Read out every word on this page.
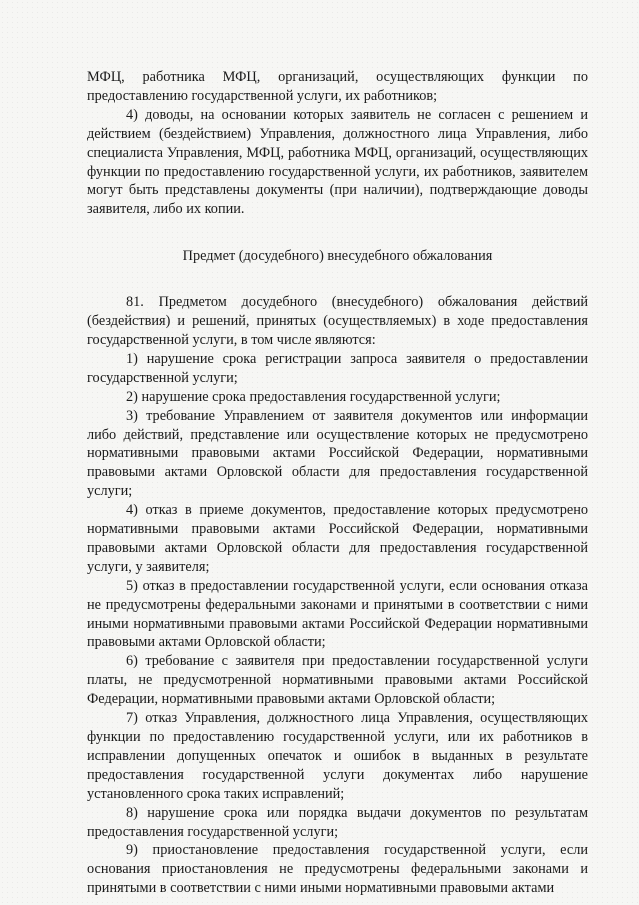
МФЦ, работника МФЦ, организаций, осуществляющих функции по предоставлению государственной услуги, их работников;

4) доводы, на основании которых заявитель не согласен с решением и действием (бездействием) Управления, должностного лица Управления, либо специалиста Управления, МФЦ, работника МФЦ, организаций, осуществляющих функции по предоставлению государственной услуги, их работников, заявителем могут быть представлены документы (при наличии), подтверждающие доводы заявителя, либо их копии.

Предмет (досудебного) внесудебного обжалования

81. Предметом досудебного (внесудебного) обжалования действий (бездействия) и решений, принятых (осуществляемых) в ходе предоставления государственной услуги, в том числе являются:

1) нарушение срока регистрации запроса заявителя о предоставлении государственной услуги;

2) нарушение срока предоставления государственной услуги;

3) требование Управлением от заявителя документов или информации либо действий, представление или осуществление которых не предусмотрено нормативными правовыми актами Российской Федерации, нормативными правовыми актами Орловской области для предоставления государственной услуги;

4) отказ в приеме документов, предоставление которых предусмотрено нормативными правовыми актами Российской Федерации, нормативными правовыми актами Орловской области для предоставления государственной услуги, у заявителя;

5) отказ в предоставлении государственной услуги, если основания отказа не предусмотрены федеральными законами и принятыми в соответствии с ними иными нормативными правовыми актами Российской Федерации нормативными правовыми актами Орловской области;

6) требование с заявителя при предоставлении государственной услуги платы, не предусмотренной нормативными правовыми актами Российской Федерации, нормативными правовыми актами Орловской области;

7) отказ Управления, должностного лица Управления, осуществляющих функции по предоставлению государственной услуги, или их работников в исправлении допущенных опечаток и ошибок в выданных в результате предоставления государственной услуги документах либо нарушение установленного срока таких исправлений;

8) нарушение срока или порядка выдачи документов по результатам предоставления государственной услуги;

9) приостановление предоставления государственной услуги, если основания приостановления не предусмотрены федеральными законами и принятыми в соответствии с ними иными нормативными правовыми актами
